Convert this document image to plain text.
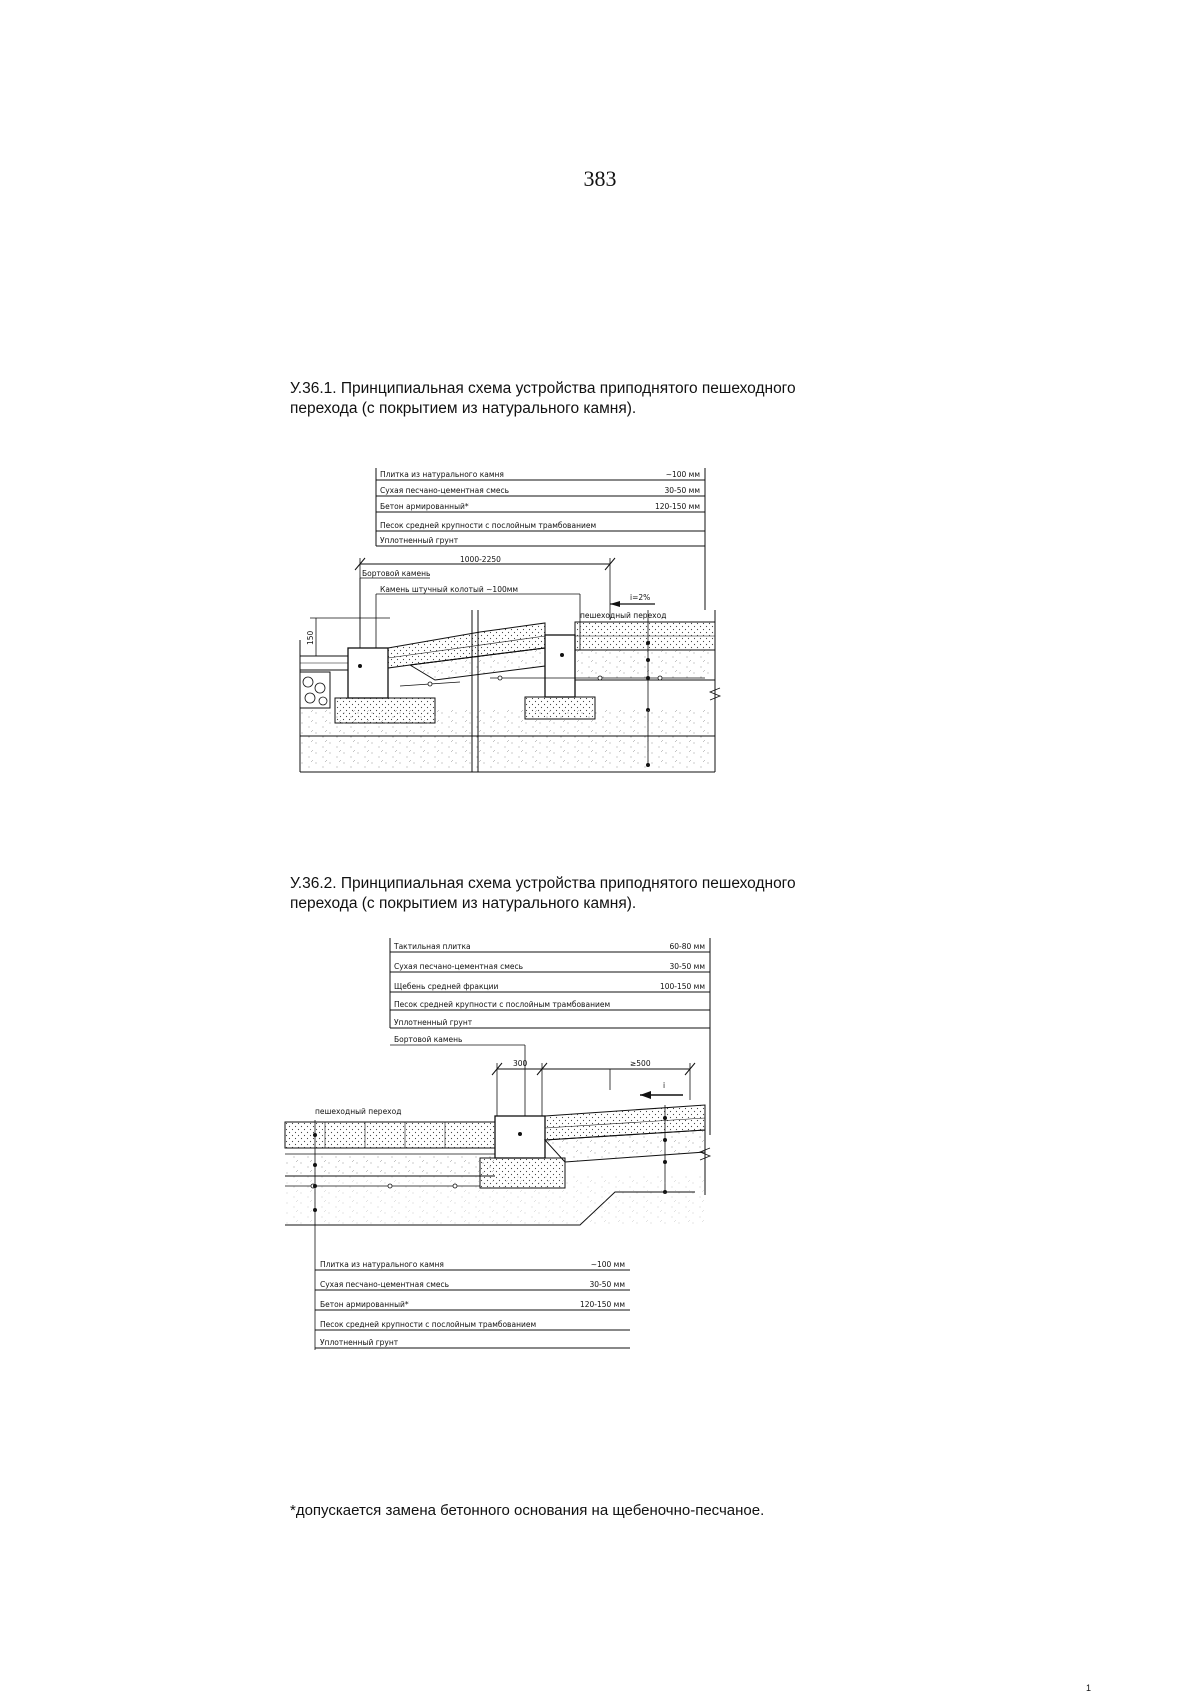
383
У.36.1. Принципиальная схема устройства приподнятого пешеходного
перехода (с покрытием из натурального камня).
Плитка из натурального камня	~100 мм
Сухая песчано-цементная смесь	30-50 мм
Бетон армированный*	120-150 мм
Песок средней крупности с послойным трамбованием
Уплотненный грунт
1000-2250
Бортовой камень
Камень штучный колотый ~100мм
i=2%
пешеходный переход
150
У.36.2. Принципиальная схема устройства приподнятого пешеходного
перехода (с покрытием из натурального камня).
Тактильная плитка	60-80 мм
Сухая песчано-цементная смесь	30-50 мм
Щебень средней фракции	100-150 мм
Песок средней крупности с послойным трамбованием
Уплотненный грунт
Бортовой камень
300	≥500
i
пешеходный переход
Плитка из натурального камня	~100 мм
Сухая песчано-цементная смесь	30-50 мм
Бетон армированный*	120-150 мм
Песок средней крупности с послойным трамбованием
Уплотненный грунт
*допускается замена бетонного основания на щебеночно-песчаное.
1
